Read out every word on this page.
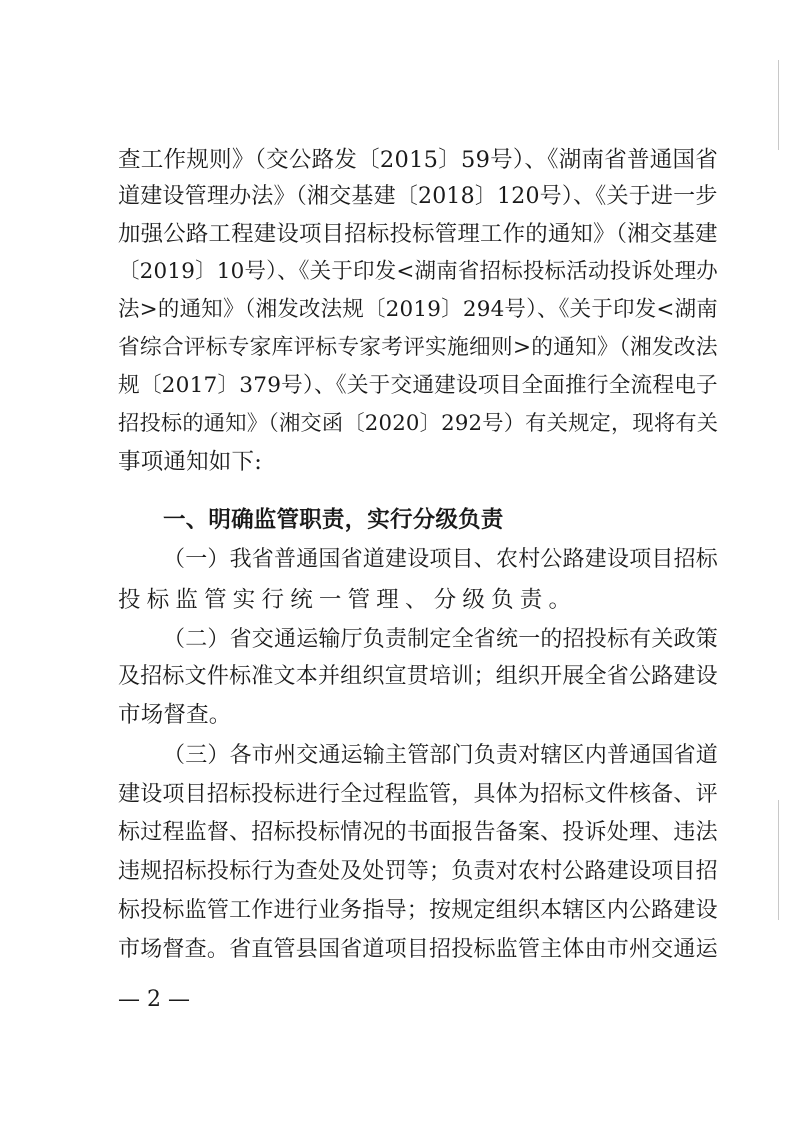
查工作规则》（交公路发〔2015〕59号）、《湖南省普通国省
道建设管理办法》（湘交基建〔2018〕120号）、《关于进一步
加强公路工程建设项目招标投标管理工作的通知》（湘交基建
〔2019〕10号）、《关于印发<湖南省招标投标活动投诉处理办
法>的通知》（湘发改法规〔2019〕294号）、《关于印发<湖南
省综合评标专家库评标专家考评实施细则>的通知》（湘发改法
规〔2017〕379号）、《关于交通建设项目全面推行全流程电子
招投标的通知》（湘交函〔2020〕292号）有关规定，现将有关
事项通知如下:
一、明确监管职责，实行分级负责
（一）我省普通国省道建设项目、农村公路建设项目招标
投标监管实行统一管理、分级负责。
（二）省交通运输厅负责制定全省统一的招投标有关政策
及招标文件标准文本并组织宣贯培训；组织开展全省公路建设
市场督查。
（三）各市州交通运输主管部门负责对辖区内普通国省道
建设项目招标投标进行全过程监管，具体为招标文件核备、评
标过程监督、招标投标情况的书面报告备案、投诉处理、违法
违规招标投标行为查处及处罚等；负责对农村公路建设项目招
标投标监管工作进行业务指导；按规定组织本辖区内公路建设
市场督查。省直管县国省道项目招投标监管主体由市州交通运
— 2 —
